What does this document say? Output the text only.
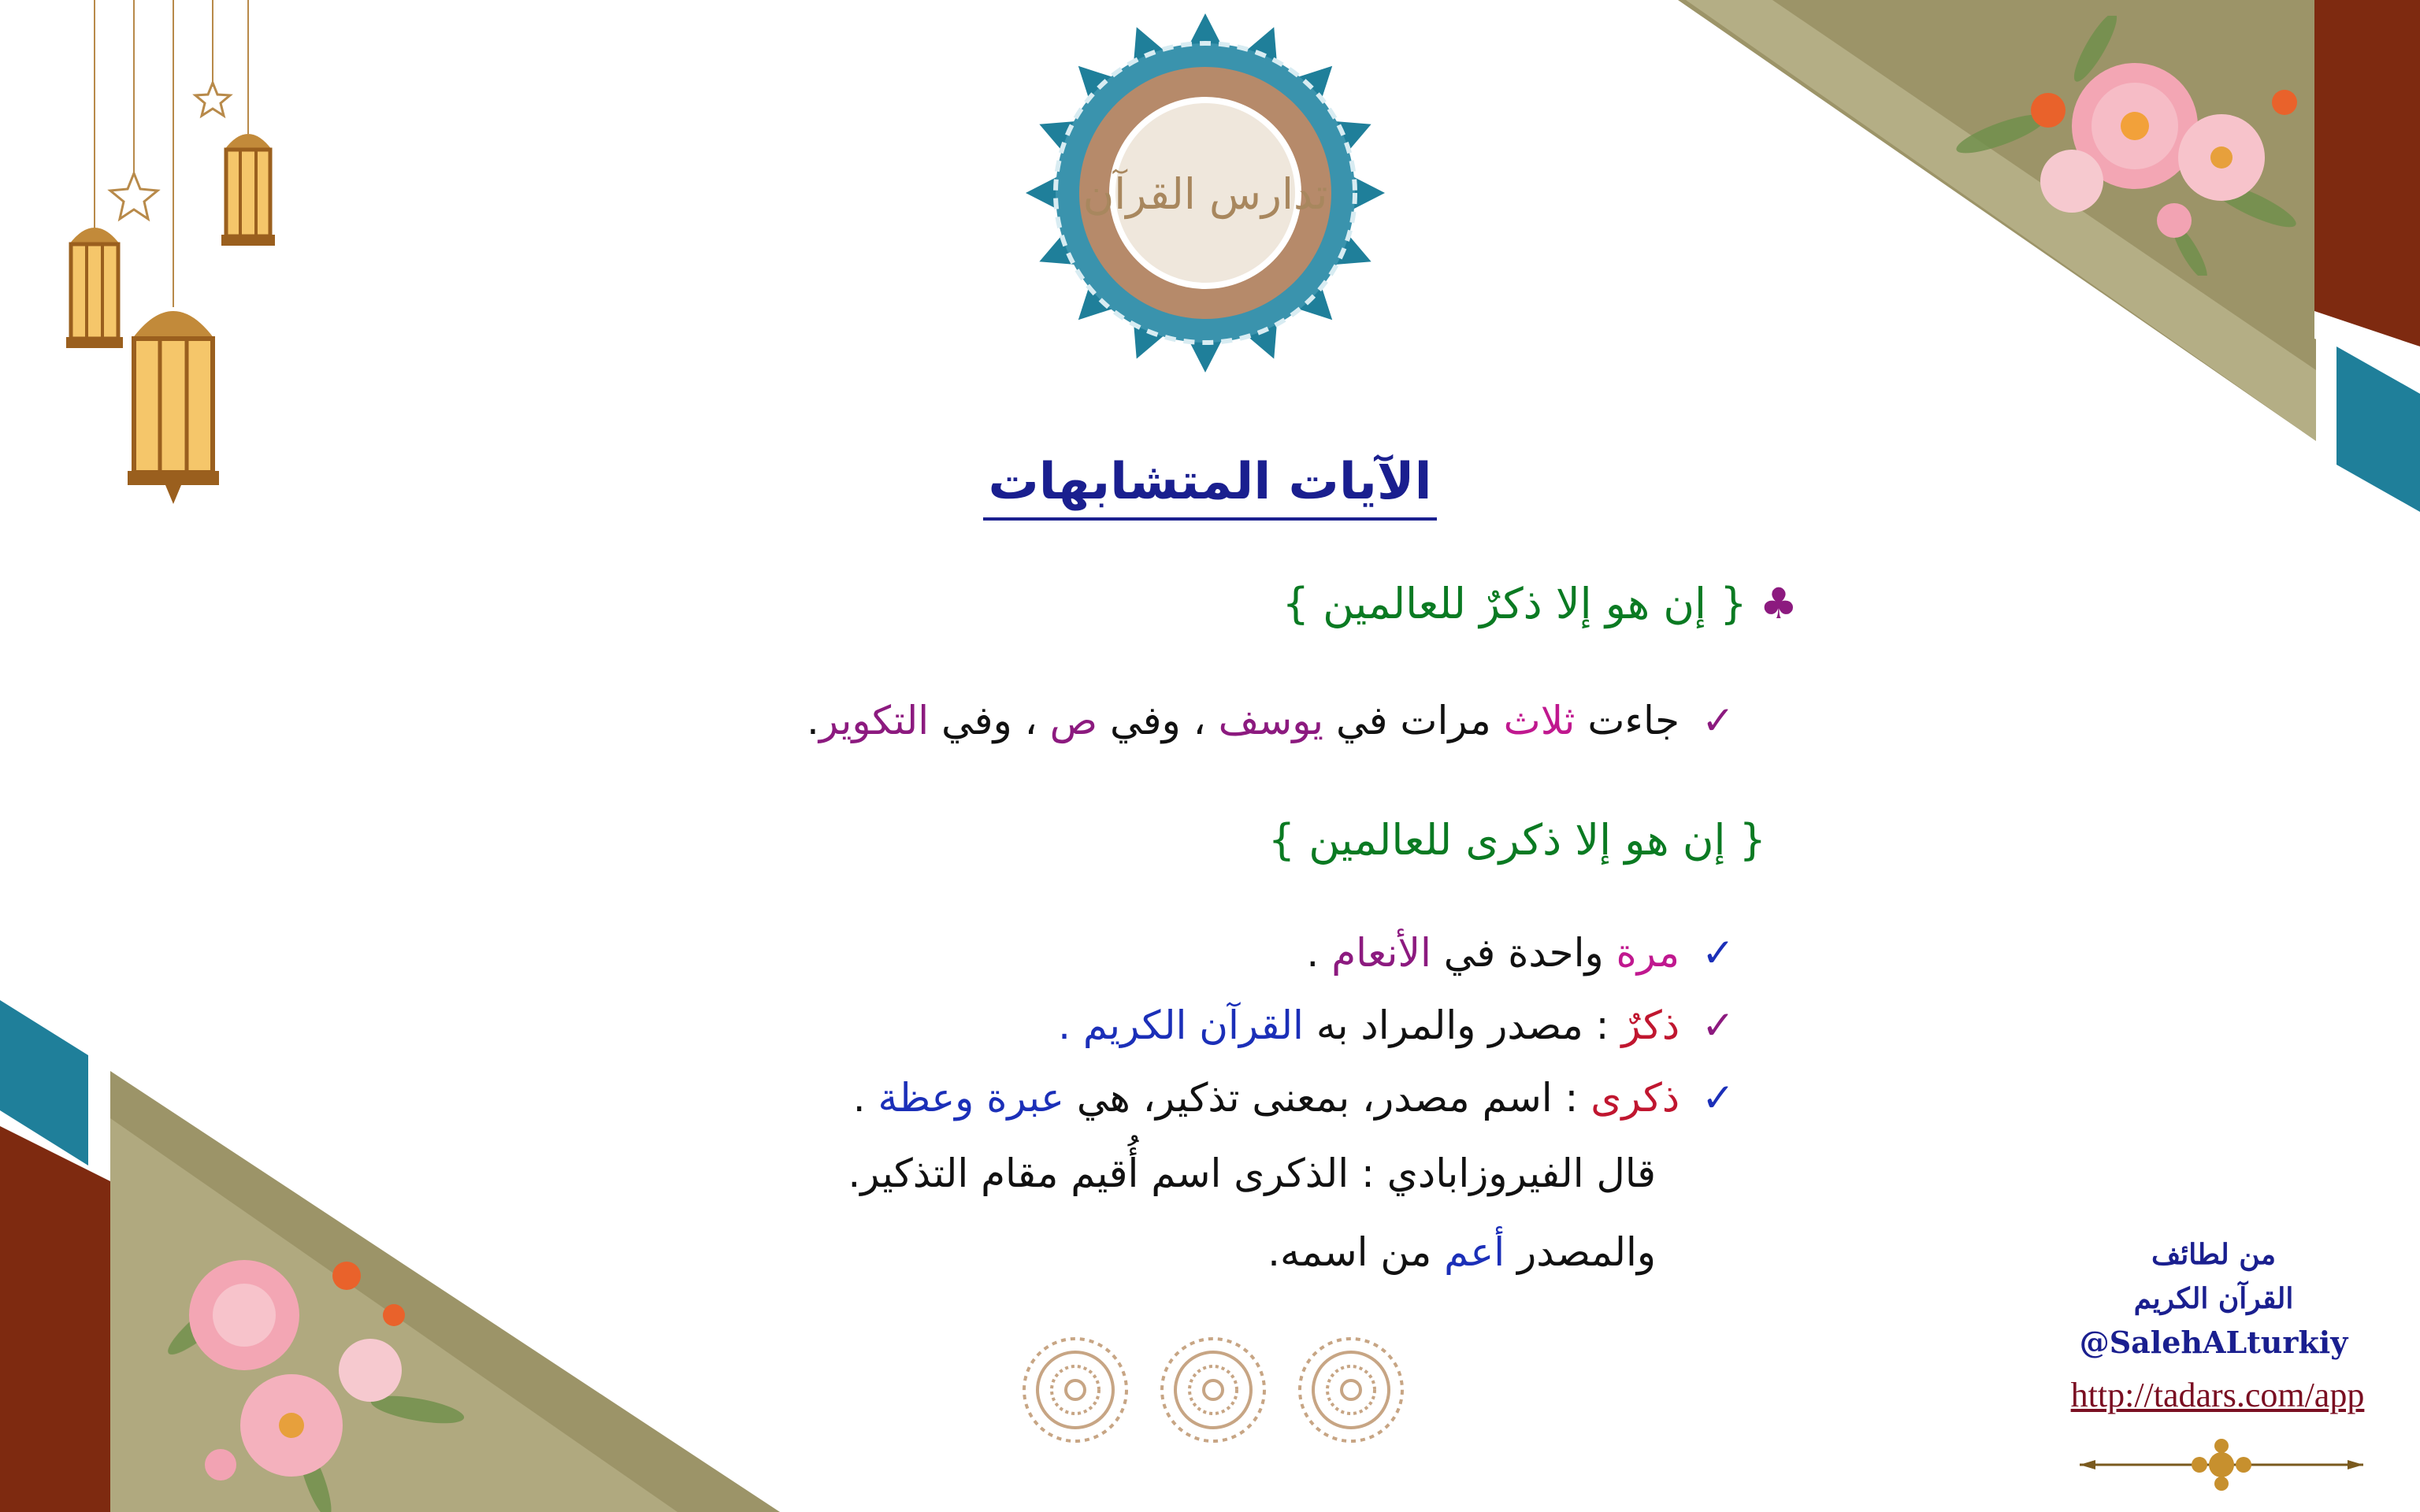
تدارس القرآن
الآيات المتشابهات
♣{ إن هو إلا ذكرٌ للعالمين }
✓جاءت ثلاث مرات في يوسف ، وفي ص ، وفي التكوير.
{ إن هو إلا ذكرى للعالمين }
✓مرة واحدة في الأنعام .
✓ذكرٌ : مصدر والمراد به القرآن الكريم .
✓ذكرى : اسم مصدر، بمعنى تذكير، هي عبرة وعظة .
قال الفيروزابادي : الذكرى اسم أُقيم مقام التذكير.
والمصدر أعم من اسمه.	من لطائف
القرآن الكريم
@SalehALturkiy
http://tadars.com/app
